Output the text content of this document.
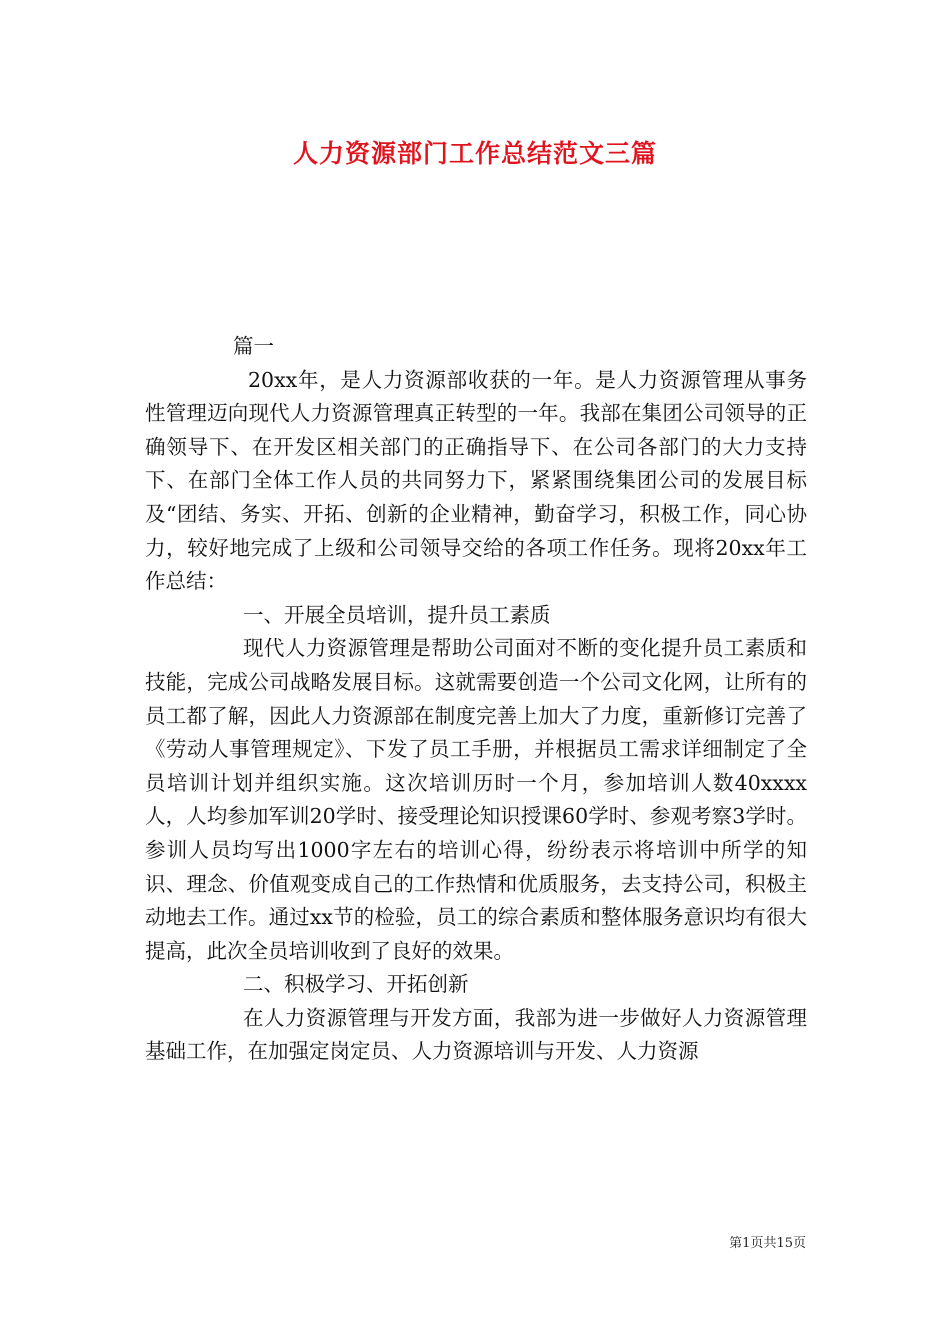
人力资源部门工作总结范文三篇

篇一

20xx年，是人力资源部收获的一年。是人力资源管理从事务性管理迈向现代人力资源管理真正转型的一年。我部在集团公司领导的正确领导下、在开发区相关部门的正确指导下、在公司各部门的大力支持下、在部门全体工作人员的共同努力下，紧紧围绕集团公司的发展目标及“团结、务实、开拓、创新的企业精神，勤奋学习，积极工作，同心协力，较好地完成了上级和公司领导交给的各项工作任务。现将20xx年工作总结：

一、开展全员培训，提升员工素质

现代人力资源管理是帮助公司面对不断的变化提升员工素质和技能，完成公司战略发展目标。这就需要创造一个公司文化网，让所有的员工都了解，因此人力资源部在制度完善上加大了力度，重新修订完善了《劳动人事管理规定》、下发了员工手册，并根据员工需求详细制定了全员培训计划并组织实施。这次培训历时一个月，参加培训人数40xxxx人，人均参加军训20学时、接受理论知识授课60学时、参观考察3学时。参训人员均写出1000字左右的培训心得，纷纷表示将培训中所学的知识、理念、价值观变成自己的工作热情和优质服务，去支持公司，积极主动地去工作。通过xx节的检验，员工的综合素质和整体服务意识均有很大提高，此次全员培训收到了良好的效果。

二、积极学习、开拓创新

在人力资源管理与开发方面，我部为进一步做好人力资源管理基础工作，在加强定岗定员、人力资源培训与开发、人力资源

第1页共15页
